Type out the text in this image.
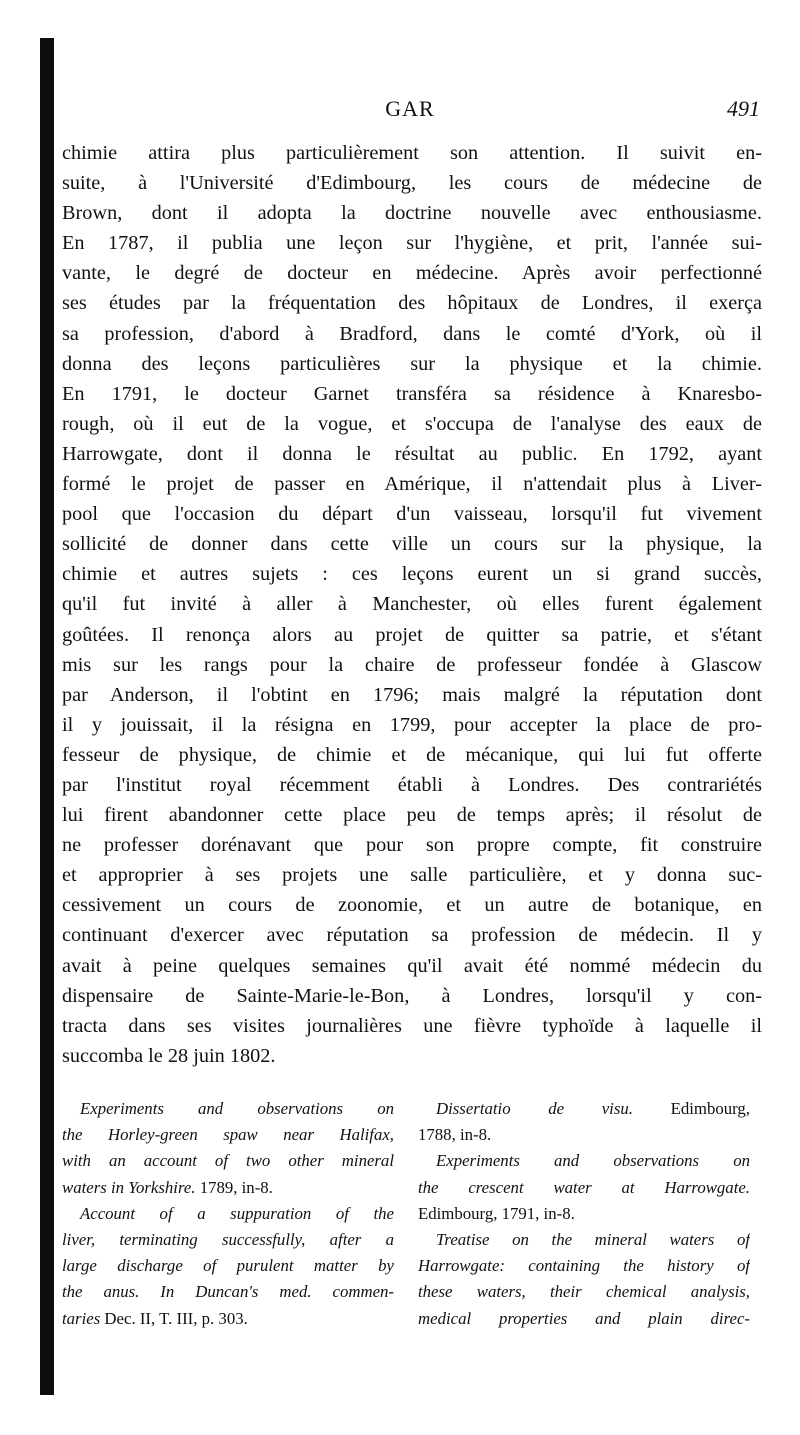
GAR	491
chimie attira plus particulièrement son attention. Il suivit en-
suite, à l'Université d'Edimbourg, les cours de médecine de
Brown, dont il adopta la doctrine nouvelle avec enthousiasme.
En 1787, il publia une leçon sur l'hygiène, et prit, l'année sui-
vante, le degré de docteur en médecine. Après avoir perfectionné
ses études par la fréquentation des hôpitaux de Londres, il exerça
sa profession, d'abord à Bradford, dans le comté d'York, où il
donna des leçons particulières sur la physique et la chimie.
En 1791, le docteur Garnet transféra sa résidence à Knaresbo-
rough, où il eut de la vogue, et s'occupa de l'analyse des eaux de
Harrowgate, dont il donna le résultat au public. En 1792, ayant
formé le projet de passer en Amérique, il n'attendait plus à Liver-
pool que l'occasion du départ d'un vaisseau, lorsqu'il fut vivement
sollicité de donner dans cette ville un cours sur la physique, la
chimie et autres sujets : ces leçons eurent un si grand succès,
qu'il fut invité à aller à Manchester, où elles furent également
goûtées. Il renonça alors au projet de quitter sa patrie, et s'étant
mis sur les rangs pour la chaire de professeur fondée à Glascow
par Anderson, il l'obtint en 1796; mais malgré la réputation dont
il y jouissait, il la résigna en 1799, pour accepter la place de pro-
fesseur de physique, de chimie et de mécanique, qui lui fut offerte
par l'institut royal récemment établi à Londres. Des contrariétés
lui firent abandonner cette place peu de temps après; il résolut de
ne professer dorénavant que pour son propre compte, fit construire
et approprier à ses projets une salle particulière, et y donna suc-
cessivement un cours de zoonomie, et un autre de botanique, en
continuant d'exercer avec réputation sa profession de médecin. Il y
avait à peine quelques semaines qu'il avait été nommé médecin du
dispensaire de Sainte-Marie-le-Bon, à Londres, lorsqu'il y con-
tracta dans ses visites journalières une fièvre typhoïde à laquelle il
succomba le 28 juin 1802.
Experiments and observations on
the Horley-green spaw near Halifax,
with an account of two other mineral
waters in Yorkshire. 1789, in-8.
Account of a suppuration of the
liver, terminating successfully, after a
large discharge of purulent matter by
the anus. In Duncan's med. commen-
taries Dec. II, T. III, p. 303.
Dissertatio de visu. Edimbourg,
1788, in-8.
Experiments and observations on
the crescent water at Harrowgate.
Edimbourg, 1791, in-8.
Treatise on the mineral waters of
Harrowgate: containing the history of
these waters, their chemical analysis,
medical properties and plain direc-
